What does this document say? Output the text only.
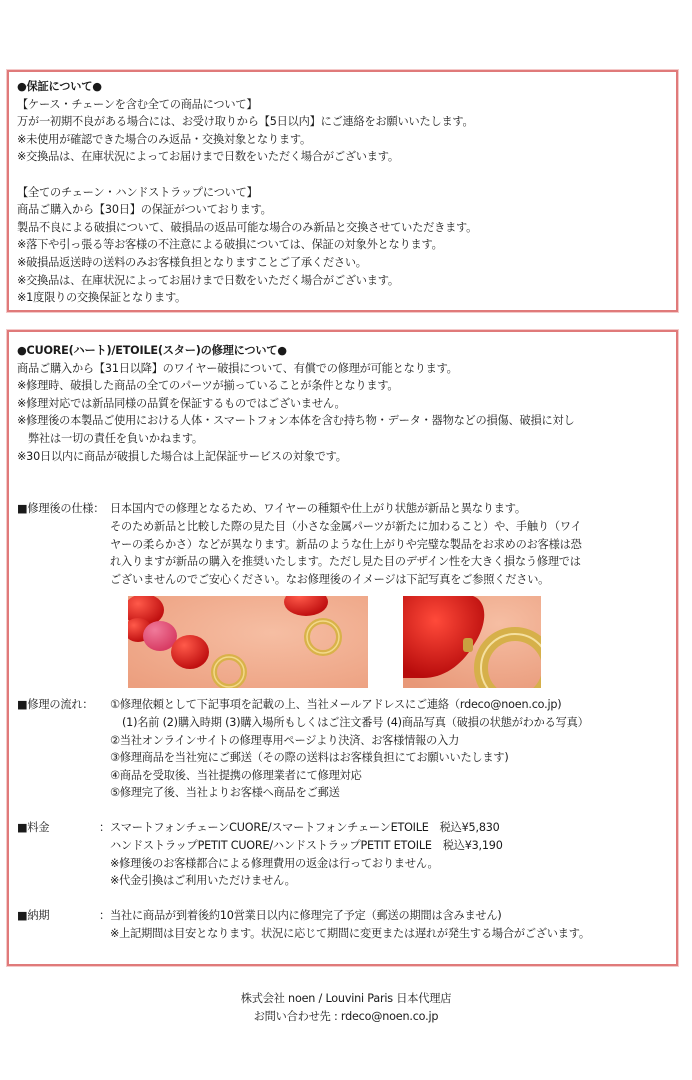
●保証について●
【ケース・チェーンを含む全ての商品について】
万が一初期不良がある場合には、お受け取りから【5日以内】にご連絡をお願いいたします。
※未使用が確認できた場合のみ返品・交換対象となります。
※交換品は、在庫状況によってお届けまで日数をいただく場合がございます。
【全てのチェーン・ハンドストラップについて】
商品ご購入から【30日】の保証がついております。
製品不良による破損について、破損品の返品可能な場合のみ新品と交換させていただきます。
※落下や引っ張る等お客様の不注意による破損については、保証の対象外となります。
※破損品返送時の送料のみお客様負担となりますことご了承ください。
※交換品は、在庫状況によってお届けまで日数をいただく場合がございます。
※1度限りの交換保証となります。
●CUORE(ハート)/ETOILE(スター)の修理について●
商品ご購入から【31日以降】のワイヤー破損について、有償での修理が可能となります。
※修理時、破損した商品の全てのパーツが揃っていることが条件となります。
※修理対応では新品同様の品質を保証するものではございません。
※修理後の本製品ご使用における人体・スマートフォン本体を含む持ち物・データ・器物などの損傷、破損に対し
　弊社は一切の責任を負いかねます。
※30日以内に商品が破損した場合は上記保証サービスの対象です。
■修理後の仕様： 日本国内での修理となるため、ワイヤーの種類や仕上がり状態が新品と異なります。
そのため新品と比較した際の見た目（小さな金属パーツが新たに加わること）や、手触り（ワイ
ヤーの柔らかさ）などが異なります。新品のような仕上がりや完璧な製品をお求めのお客様は恐
れ入りますが新品の購入を推奨いたします。ただし見た目のデザイン性を大きく損なう修理では
ございませんのでご安心ください。なお修理後のイメージは下記写真をご参照ください。
■修理の流れ：	①修理依頼として下記事項を記載の上、当社メールアドレスにご連絡（rdeco@noen.co.jp)
(1)名前 (2)購入時期 (3)購入場所もしくはご注文番号 (4)商品写真（破損の状態がわかる写真）
②当社オンラインサイトの修理専用ページより決済、お客様情報の入力
③修理商品を当社宛にご郵送（その際の送料はお客様負担にてお願いいたします)
④商品を受取後、当社提携の修理業者にて修理対応
⑤修理完了後、当社よりお客様へ商品をご郵送
■料金	：スマートフォンチェーンCUORE/スマートフォンチェーンETOILE　税込¥5,830
ハンドストラップPETIT CUORE/ハンドストラップPETIT ETOILE　税込¥3,190
※修理後のお客様都合による修理費用の返金は行っておりません。
※代金引換はご利用いただけません。
■納期	：当社に商品が到着後約10営業日以内に修理完了予定（郵送の期間は含みません)
※上記期間は目安となります。状況に応じて期間に変更または遅れが発生する場合がございます。
株式会社 noen / Louvini Paris 日本代理店
お問い合わせ先 : rdeco@noen.co.jp
